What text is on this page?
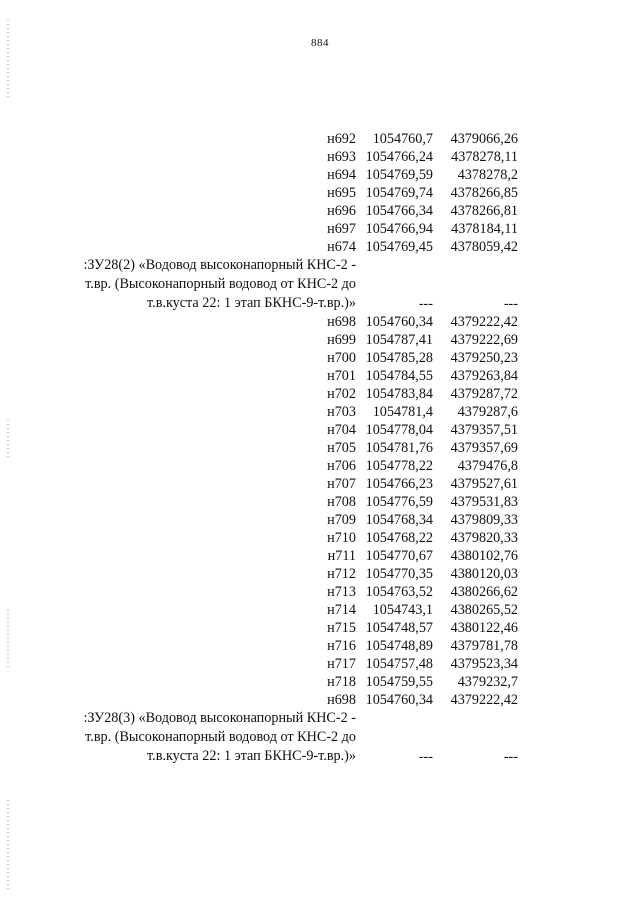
884
н692	1054760,7	4379066,26
н693	1054766,24	4378278,11
н694	1054769,59	4378278,2
н695	1054769,74	4378266,85
н696	1054766,34	4378266,81
н697	1054766,94	4378184,11
н674	1054769,45	4378059,42
:ЗУ28(2) «Водовод высоконапорный КНС-2 - т.вр. (Высоконапорный водовод от КНС-2 до т.в.куста 22: 1 этап БКНС-9-т.вр.)»	---	---
н698	1054760,34	4379222,42
н699	1054787,41	4379222,69
н700	1054785,28	4379250,23
н701	1054784,55	4379263,84
н702	1054783,84	4379287,72
н703	1054781,4	4379287,6
н704	1054778,04	4379357,51
н705	1054781,76	4379357,69
н706	1054778,22	4379476,8
н707	1054766,23	4379527,61
н708	1054776,59	4379531,83
н709	1054768,34	4379809,33
н710	1054768,22	4379820,33
н711	1054770,67	4380102,76
н712	1054770,35	4380120,03
н713	1054763,52	4380266,62
н714	1054743,1	4380265,52
н715	1054748,57	4380122,46
н716	1054748,89	4379781,78
н717	1054757,48	4379523,34
н718	1054759,55	4379232,7
н698	1054760,34	4379222,42
:ЗУ28(3) «Водовод высоконапорный КНС-2 - т.вр. (Высоконапорный водовод от КНС-2 до т.в.куста 22: 1 этап БКНС-9-т.вр.)»	---	---
